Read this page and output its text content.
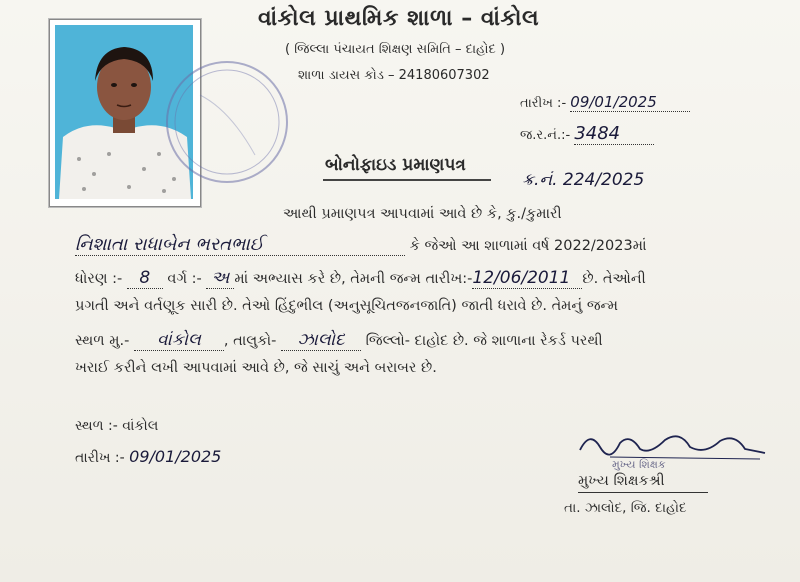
વાંકોલ પ્રાથમિક શાળા – વાંકોલ
( જિલ્લા પંચાયત શિક્ષણ સમિતિ – દાહોદ )
શાળા ડાયસ કોડ – 24180607302
તારીખ :- 09/01/2025
જ.ર.નં.:- 3484
બોનોફાઇડ પ્રમાણપત્ર
ક્ર.નં. 224/2025
આથી પ્રમાણપત્ર આપવામાં આવે છે કે, કુ./કુમારી
નિશાતા રાધાબેન ભરતભાઈ	કે જેઓ આ શાળામાં વર્ષ 2022/2023માં
ધોરણ :- 8 વર્ગ :- અ માં અભ્યાસ કરે છે, તેમની જન્મ તારીખ:-12/06/2011 છે. તેઓની
પ્રગતી અને વર્તણૂક સારી છે. તેઓ હિંદુભીલ (અનુસૂચિતજનજાતિ) જાતી ધરાવે છે. તેમનું જન્મ
સ્થળ મુ.- વાંકોલ , તાલુકો- ઝાલોદ જિલ્લો- દાહોદ છે. જે શાળાના રેકર્ડ પરથી
ખરાઈ કરીને લખી આપવામાં આવે છે, જે સાચું અને બરાબર છે.
સ્થળ :- વાંકોલ
તારીખ :- 09/01/2025	મુખ્ય શિક્ષક
મુખ્ય શિક્ષકશ્રી
તા. ઝાલોદ, જિ. દાહોદ
